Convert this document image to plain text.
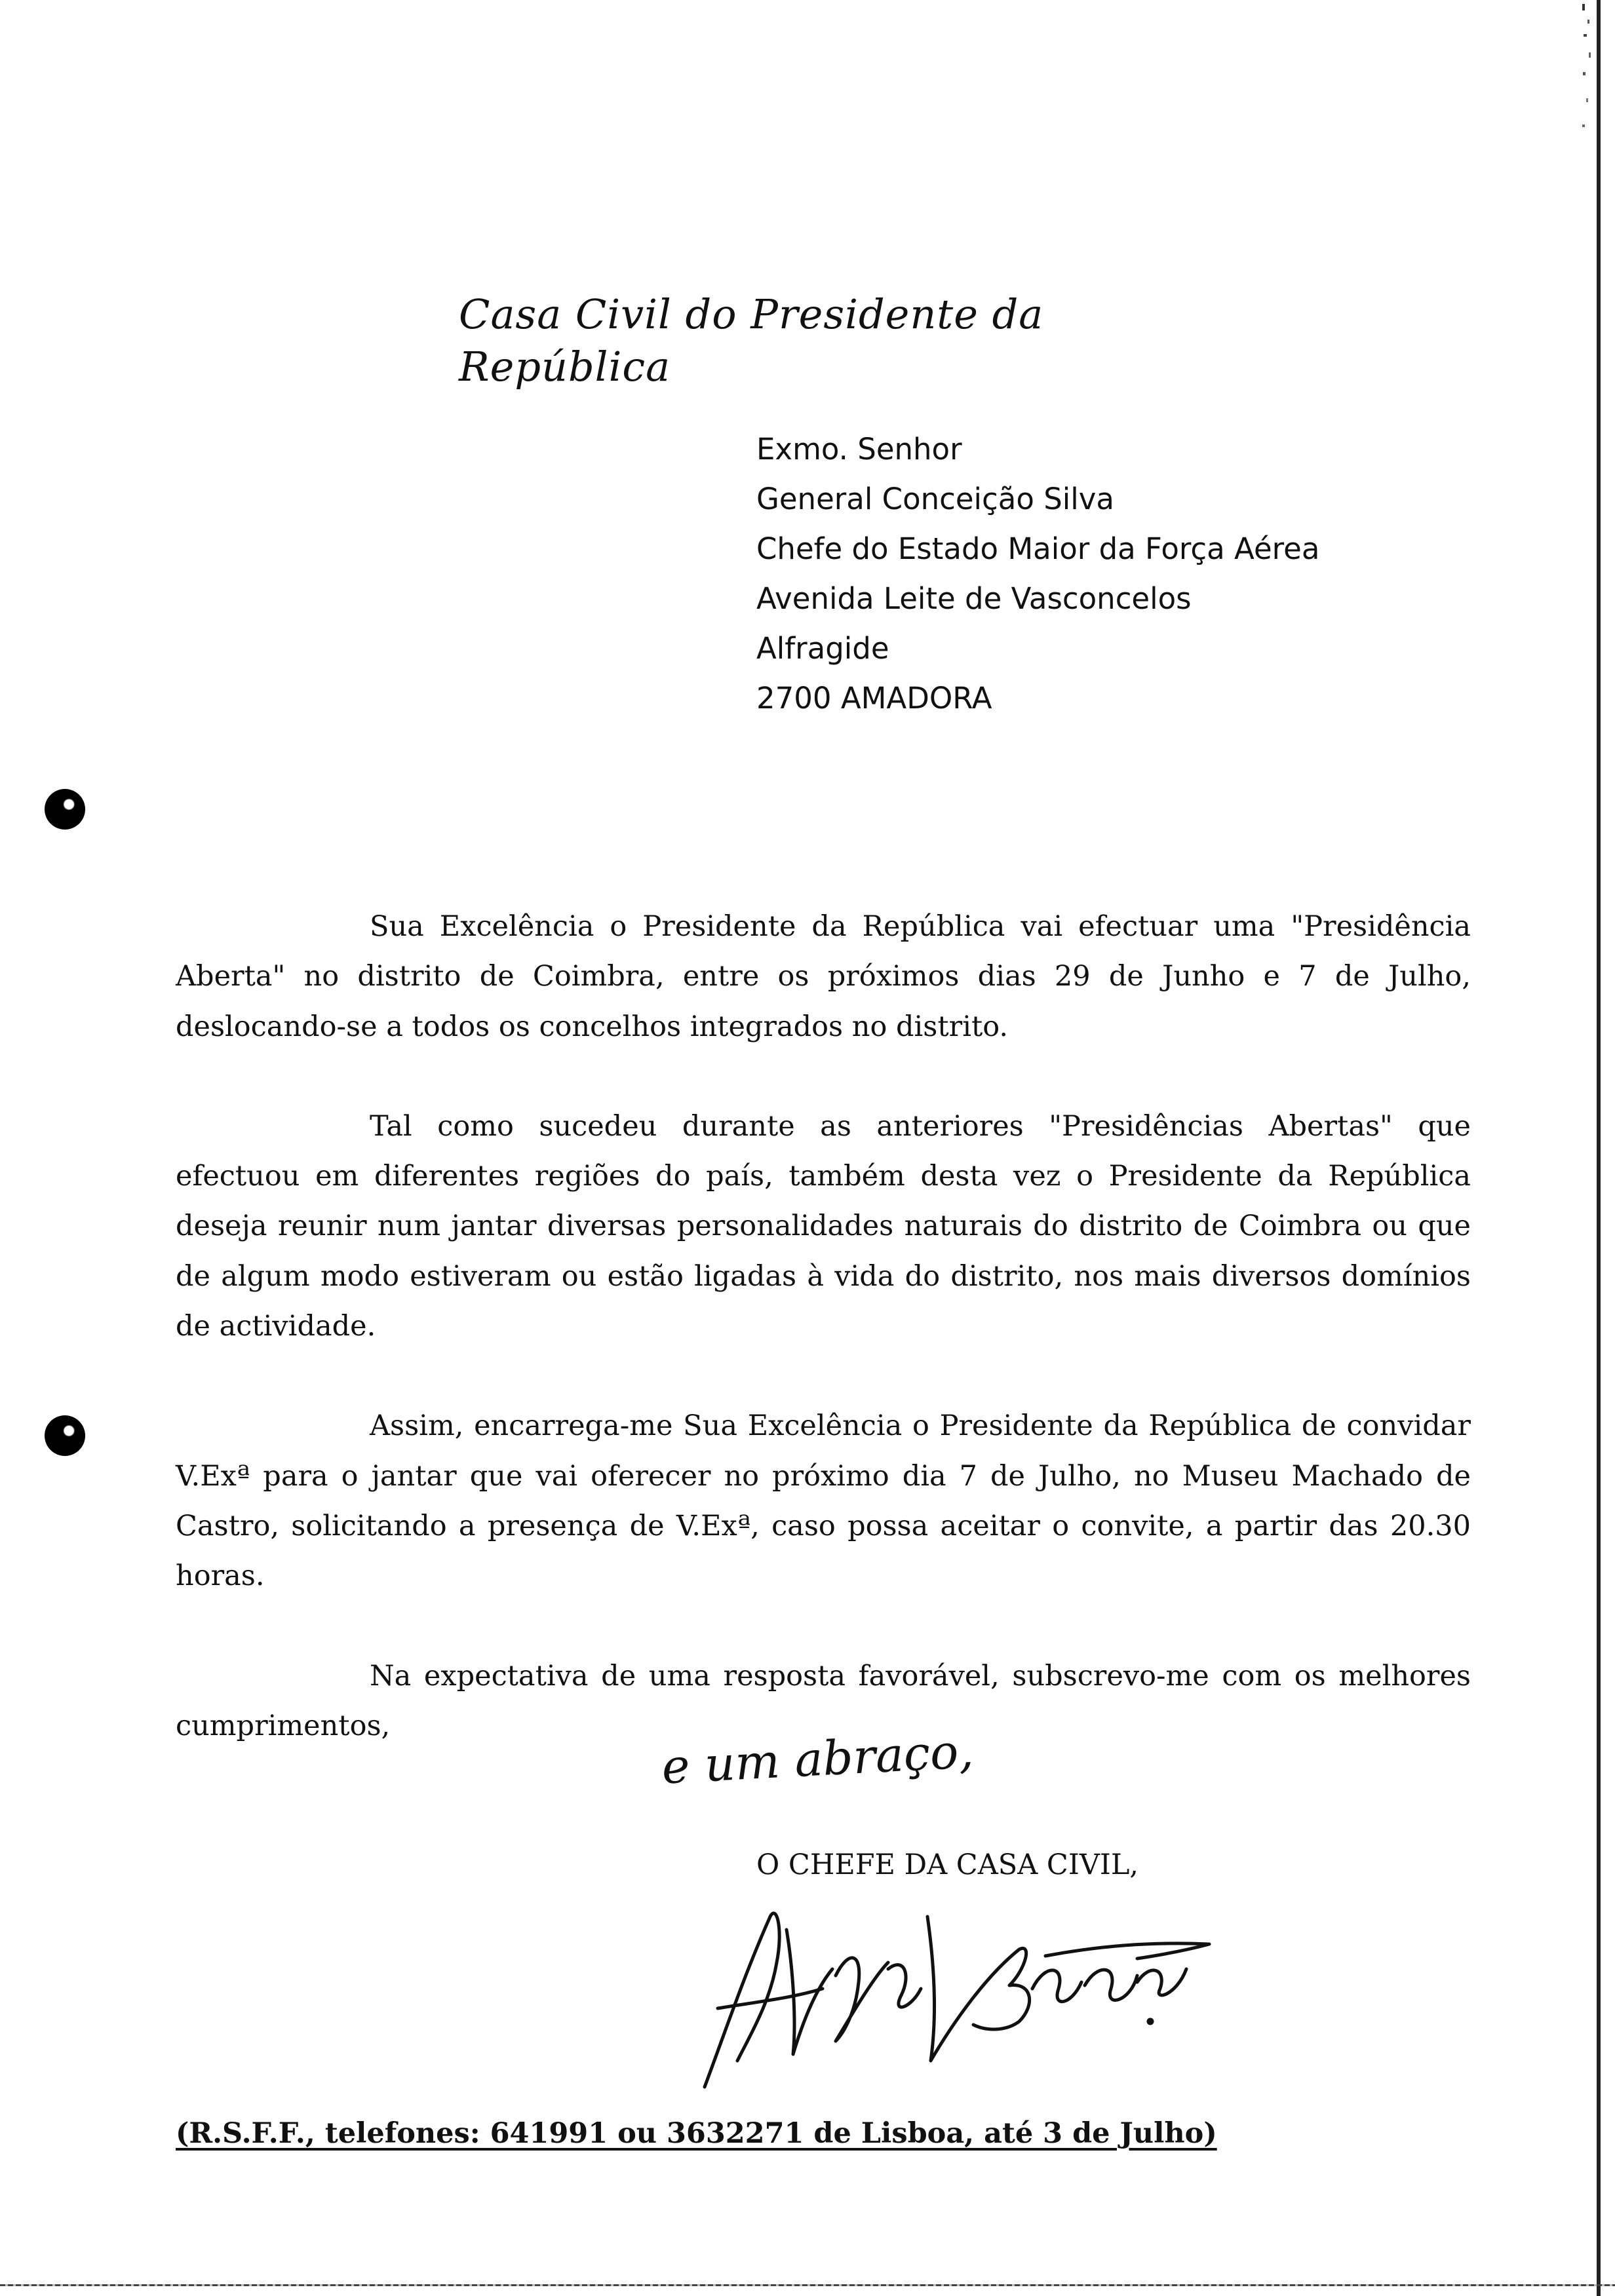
Casa Civil do Presidente da República
Exmo. Senhor
General Conceição Silva
Chefe do Estado Maior da Força Aérea
Avenida Leite de Vasconcelos
Alfragide
2700 AMADORA

Sua Excelência o Presidente da República vai efectuar uma "Presidência Aberta" no distrito de Coimbra, entre os próximos dias 29 de Junho e 7 de Julho, deslocando-se a todos os concelhos integrados no distrito.

Tal como sucedeu durante as anteriores "Presidências Abertas" que efectuou em diferentes regiões do país, também desta vez o Presidente da República deseja reunir num jantar diversas personalidades naturais do distrito de Coimbra ou que de algum modo estiveram ou estão ligadas à vida do distrito, nos mais diversos domínios de actividade.

Assim, encarrega-me Sua Excelência o Presidente da República de convidar V.Exª para o jantar que vai oferecer no próximo dia 7 de Julho, no Museu Machado de Castro, solicitando a presença de V.Exª, caso possa aceitar o convite, a partir das 20.30 horas.

Na expectativa de uma resposta favorável, subscrevo-me com os melhores cumprimentos,	e um abraço,
O CHEFE DA CASA CIVIL,
(R.S.F.F., telefones: 641991 ou 3632271 de Lisboa, até 3 de Julho)
